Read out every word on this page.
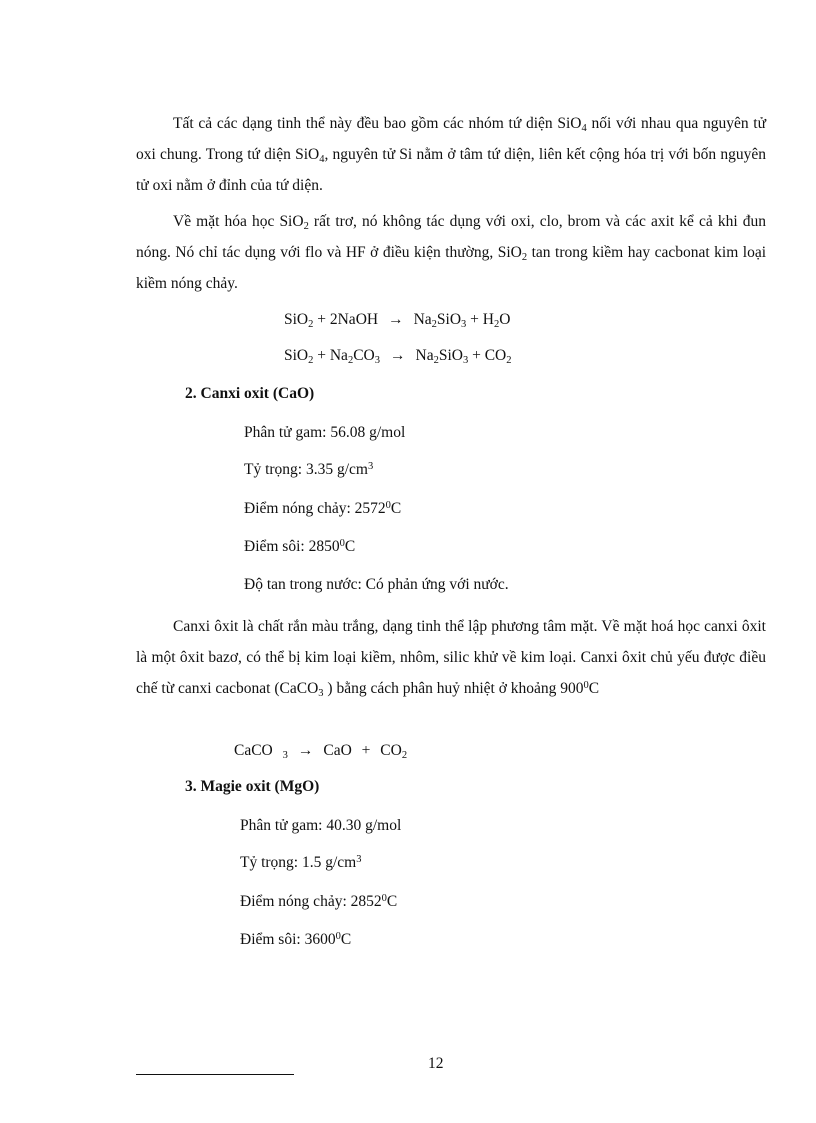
Tất cả các dạng tinh thể này đều bao gồm các nhóm tứ diện SiO$_4$ nối với nhau qua nguyên tử oxi chung. Trong tứ diện SiO$_4$, nguyên tử Si nằm ở tâm tứ diện, liên kết cộng hóa trị với bốn nguyên tử oxi nằm ở đỉnh của tứ diện.

Về mặt hóa học SiO$_2$ rất trơ, nó không tác dụng với oxi, clo, brom và các axit kể cả khi đun nóng. Nó chỉ tác dụng với flo và HF ở điều kiện thường, SiO$_2$ tan trong kiềm hay cacbonat kim loại kiềm nóng chảy.

SiO$_2$ + 2NaOH → $Na_2SiO_3 + H_2O$
$SiO_2 + Na_2CO_3 \to Na_2SiO_3 + CO_2$
2. Canxi oxit (CaO)
Phân tử gam: 56.08 g/mol
Tỷ trọng: 3.35 $g/cm^3$
Điểm nóng chảy: 2572$^0$C
Điểm sôi: 2850$^0$C
Độ tan trong nước: Có phản ứng với nước.

Canxi ôxit là chất rắn màu trắng, dạng tinh thể lập phương tâm mặt. Về mặt hoá học canxi ôxit là một ôxit bazơ, có thể bị kim loại kiềm, nhôm, silic khử về kim loại. Canxi ôxit chủ yếu được điều chế từ canxi cacbonat (CaCO$_3$ ) bằng cách phân huỷ nhiệt ở khoảng $900^0C$

CaCO $_3$ → CaO + $CO_2$
3. Magie oxit (MgO)
Phân tử gam: 40.30 g/mol
Tỷ trọng: 1.5 $g/cm^3$
Điểm nóng chảy: 2852$^0$C
Điểm sôi: 3600$^0$C
12
